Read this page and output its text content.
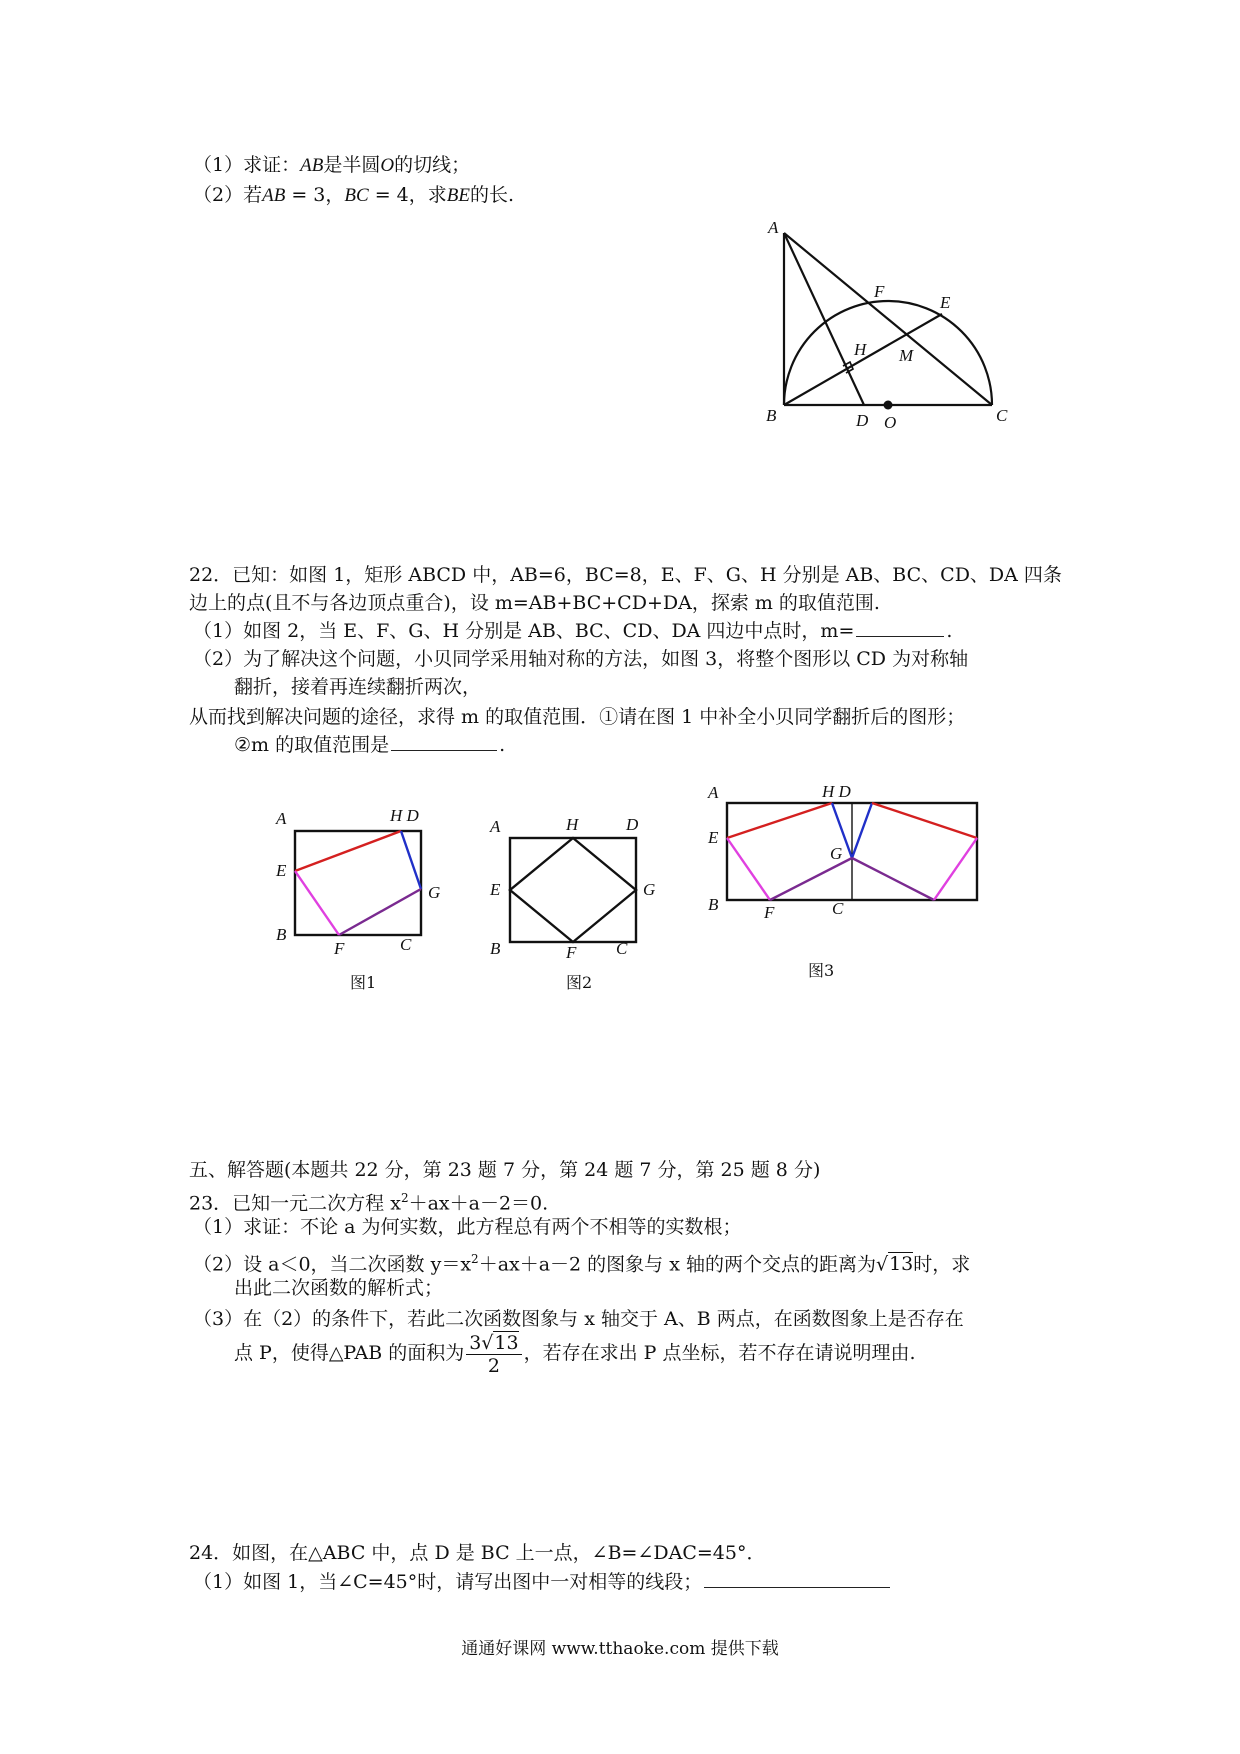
（1）求证：AB是半圆O的切线；
（2）若AB = 3，BC = 4，求BE的长.
A
B	C
D O
F
E
H M
22．已知：如图 1，矩形 ABCD 中，AB=6，BC=8，E、F、G、H 分别是 AB、BC、CD、DA 四条
边上的点(且不与各边顶点重合)，设 m=AB+BC+CD+DA，探索 m 的取值范围.
（1）如图 2，当 E、F、G、H 分别是 AB、BC、CD、DA 四边中点时，m=	.
（2）为了解决这个问题，小贝同学采用轴对称的方法，如图 3，将整个图形以 CD 为对称轴
翻折，接着再连续翻折两次，
从而找到解决问题的途径，求得 m 的取值范围．①请在图 1 中补全小贝同学翻折后的图形；
②m 的取值范围是	.
A	H D
E
G
B
F	C
图1
A	H	D
E	G
B	F C
图2
A	H D
E
G
B	F	C
图3
五、解答题(本题共 22 分，第 23 题 7 分，第 24 题 7 分，第 25 题 8 分)
23．已知一元二次方程 $x^2+ax+a-2=0$.
（1）求证：不论 a 为何实数，此方程总有两个不相等的实数根；
（2）设 a＜0，当二次函数 $y=x^2+ax+a-2$ 的图象与 x 轴的两个交点的距离为√13时，求
出此二次函数的解析式；
（3）在（2）的条件下，若此二次函数图象与 x 轴交于 A、B 两点，在函数图象上是否存在
点 P，使得△PAB 的面积为 $\frac{3√13}{2}$ ，若存在求出 P 点坐标，若不存在请说明理由.
24．如图，在△ABC 中，点 D 是 BC 上一点，∠B=∠DAC=45°．
（1）如图 1，当∠C=45°时，请写出图中一对相等的线段；
通通好课网 www.tthaoke.com 提供下载
